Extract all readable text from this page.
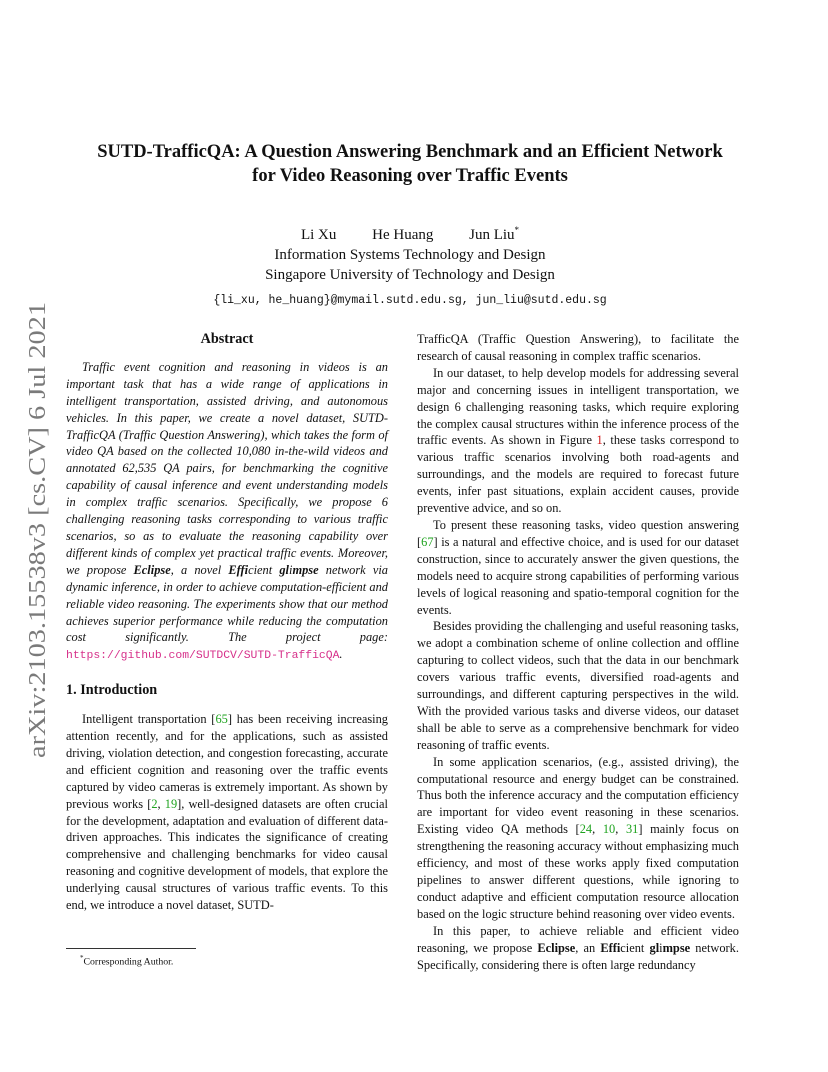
arXiv:2103.15538v3 [cs.CV] 6 Jul 2021

SUTD-TrafficQA: A Question Answering Benchmark and an Efficient Network

for Video Reasoning over Traffic Events

Li Xu He Huang Jun Liu*
Information Systems Technology and Design
Singapore University of Technology and Design
{li_xu, he_huang}@mymail.sutd.edu.sg, jun_liu@sutd.edu.sg
Abstract

Traffic event cognition and reasoning in videos is an important task that has a wide range of applications in intelligent transportation, assisted driving, and autonomous vehicles. In this paper, we create a novel dataset, SUTD-TrafficQA (Traffic Question Answering), which takes the form of video QA based on the collected 10,080 in-the-wild videos and annotated 62,535 QA pairs, for benchmarking the cognitive capability of causal inference and event understanding models in complex traffic scenarios. Specifically, we propose 6 challenging reasoning tasks corresponding to various traffic scenarios, so as to evaluate the reasoning capability over different kinds of complex yet practical traffic events. Moreover, we propose Eclipse, a novel Efficient glimpse network via dynamic inference, in order to achieve computation-efficient and reliable video reasoning. The experiments show that our method achieves superior performance while reducing the computation cost significantly. The project page: https://github.com/SUTDCV/SUTD-TrafficQA.

1. Introduction

Intelligent transportation [65] has been receiving increasing attention recently, and for the applications, such as assisted driving, violation detection, and congestion forecasting, accurate and efficient cognition and reasoning over the traffic events captured by video cameras is extremely important. As shown by previous works [2, 19], well-designed datasets are often crucial for the development, adaptation and evaluation of different data-driven approaches. This indicates the significance of creating comprehensive and challenging benchmarks for video causal reasoning and cognitive development of models, that explore the underlying causal structures of various traffic events. To this end, we introduce a novel dataset, SUTD-

TrafficQA (Traffic Question Answering), to facilitate the research of causal reasoning in complex traffic scenarios.

In our dataset, to help develop models for addressing several major and concerning issues in intelligent transportation, we design 6 challenging reasoning tasks, which require exploring the complex causal structures within the inference process of the traffic events. As shown in Figure 1, these tasks correspond to various traffic scenarios involving both road-agents and surroundings, and the models are required to forecast future events, infer past situations, explain accident causes, provide preventive advice, and so on.

To present these reasoning tasks, video question answering [67] is a natural and effective choice, and is used for our dataset construction, since to accurately answer the given questions, the models need to acquire strong capabilities of performing various levels of logical reasoning and spatio-temporal cognition for the events.

Besides providing the challenging and useful reasoning tasks, we adopt a combination scheme of online collection and offline capturing to collect videos, such that the data in our benchmark covers various traffic events, diversified road-agents and surroundings, and different capturing perspectives in the wild. With the provided various tasks and diverse videos, our dataset shall be able to serve as a comprehensive benchmark for video reasoning of traffic events.

In some application scenarios, (e.g., assisted driving), the computational resource and energy budget can be constrained. Thus both the inference accuracy and the computation efficiency are important for video event reasoning in these scenarios. Existing video QA methods [24, 10, 31] mainly focus on strengthening the reasoning accuracy without emphasizing much efficiency, and most of these works apply fixed computation pipelines to answer different questions, while ignoring to conduct adaptive and efficient computation resource allocation based on the logic structure behind reasoning over video events.

In this paper, to achieve reliable and efficient video reasoning, we propose Eclipse, an Efficient glimpse network. Specifically, considering there is often large redundancy

*Corresponding Author.
